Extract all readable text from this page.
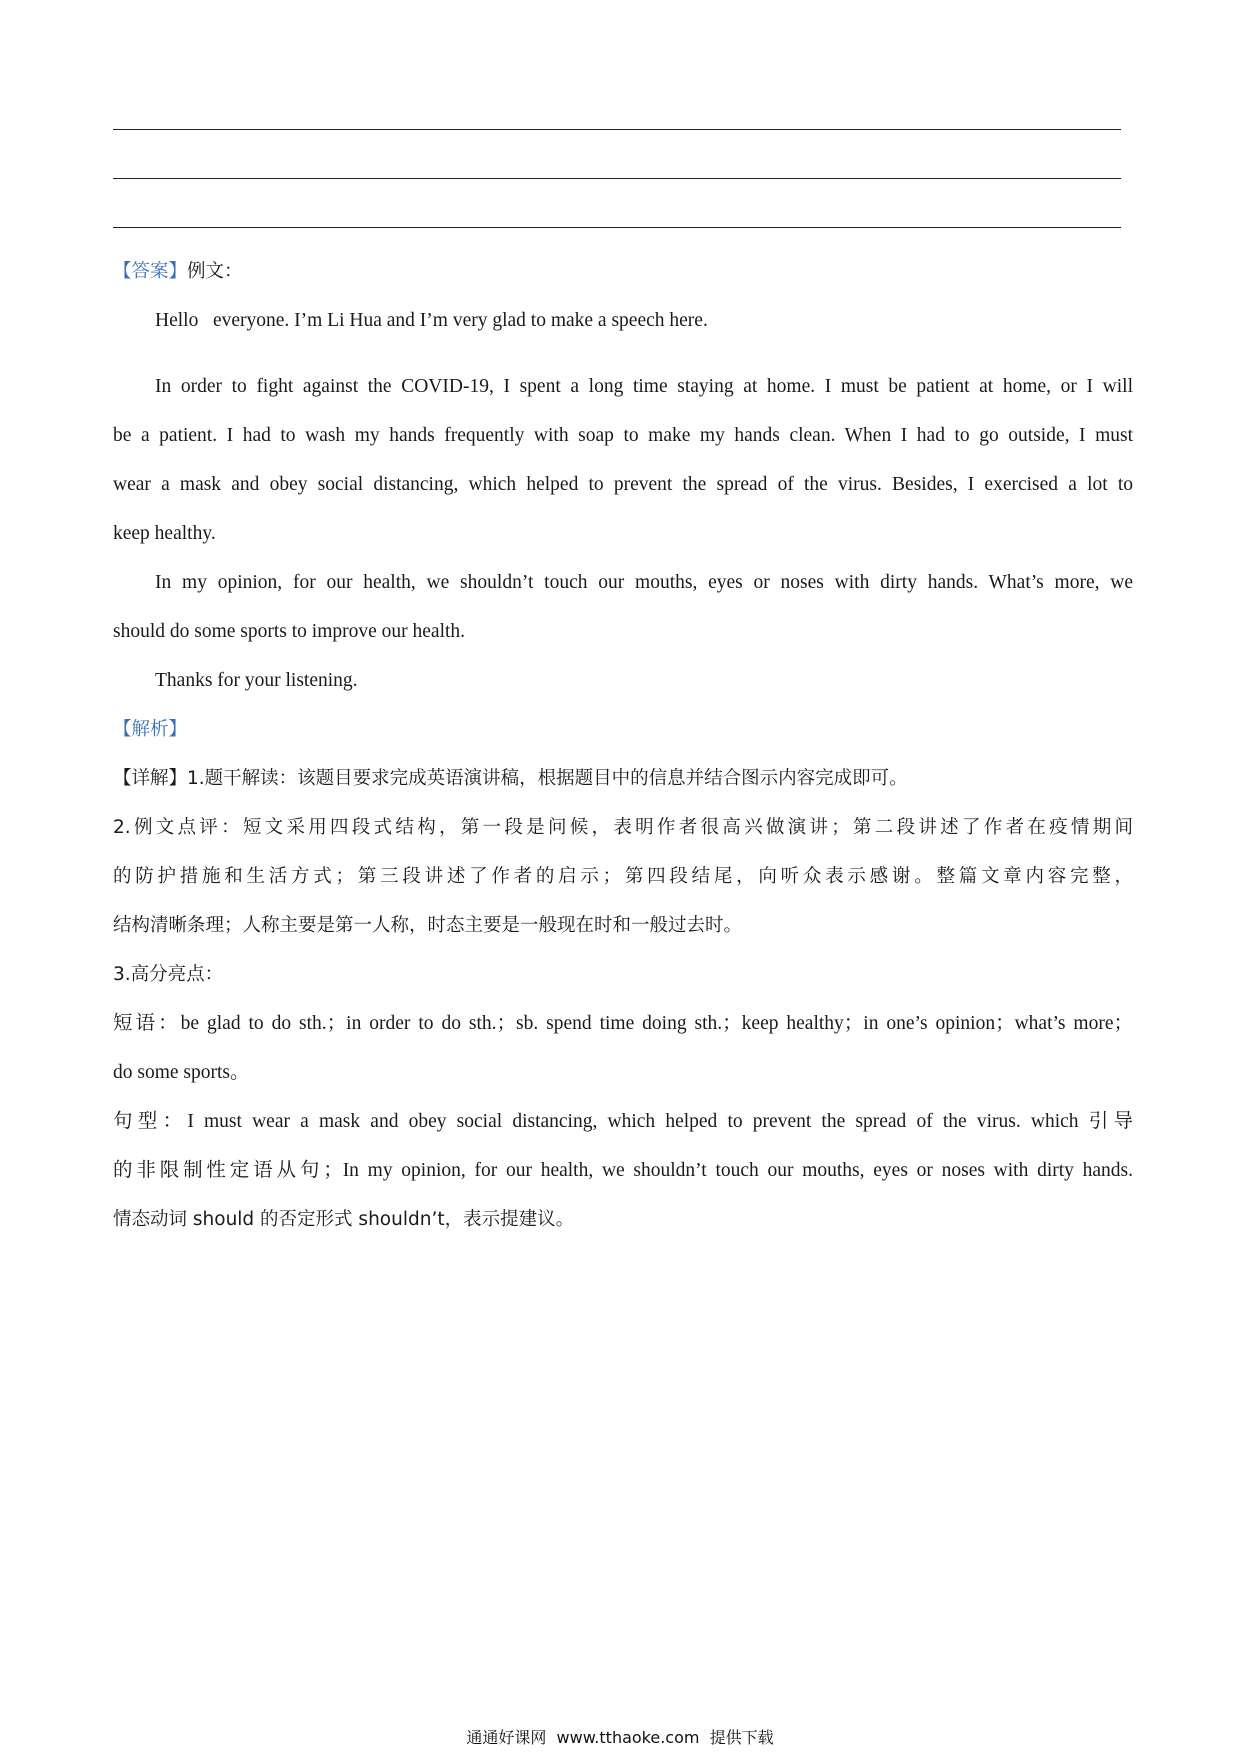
【答案】例文：
Hello   everyone. I’m Li Hua and I’m very glad to make a speech here.
In order to fight against the COVID-19, I spent a long time staying at home. I must be patient at home, or I will
be a patient. I had to wash my hands frequently with soap to make my hands clean. When I had to go outside, I must
wear a mask and obey social distancing, which helped to prevent the spread of the virus. Besides, I exercised a lot to
keep healthy.
In my opinion, for our health, we shouldn’t touch our mouths, eyes or noses with dirty hands. What’s more, we
should do some sports to improve our health.
Thanks for your listening.
【解析】
【详解】1.题干解读：该题目要求完成英语演讲稿，根据题目中的信息并结合图示内容完成即可。
2.例文点评：短文采用四段式结构，第一段是问候，表明作者很高兴做演讲；第二段讲述了作者在疫情期间
的防护措施和生活方式；第三段讲述了作者的启示；第四段结尾，向听众表示感谢。整篇文章内容完整，
结构清晰条理；人称主要是第一人称，时态主要是一般现在时和一般过去时。
3.高分亮点：
短语：be glad to do sth.；in order to do sth.；sb. spend time doing sth.；keep healthy；in one’s opinion；what’s more；
do some sports。
句型：I must wear a mask and obey social distancing, which helped to prevent the spread of the virus. which 引导
的非限制性定语从句；In my opinion, for our health, we shouldn’t touch our mouths, eyes or noses with dirty hands.
情态动词 should 的否定形式 shouldn’t，表示提建议。
通通好课网  www.tthaoke.com  提供下载
